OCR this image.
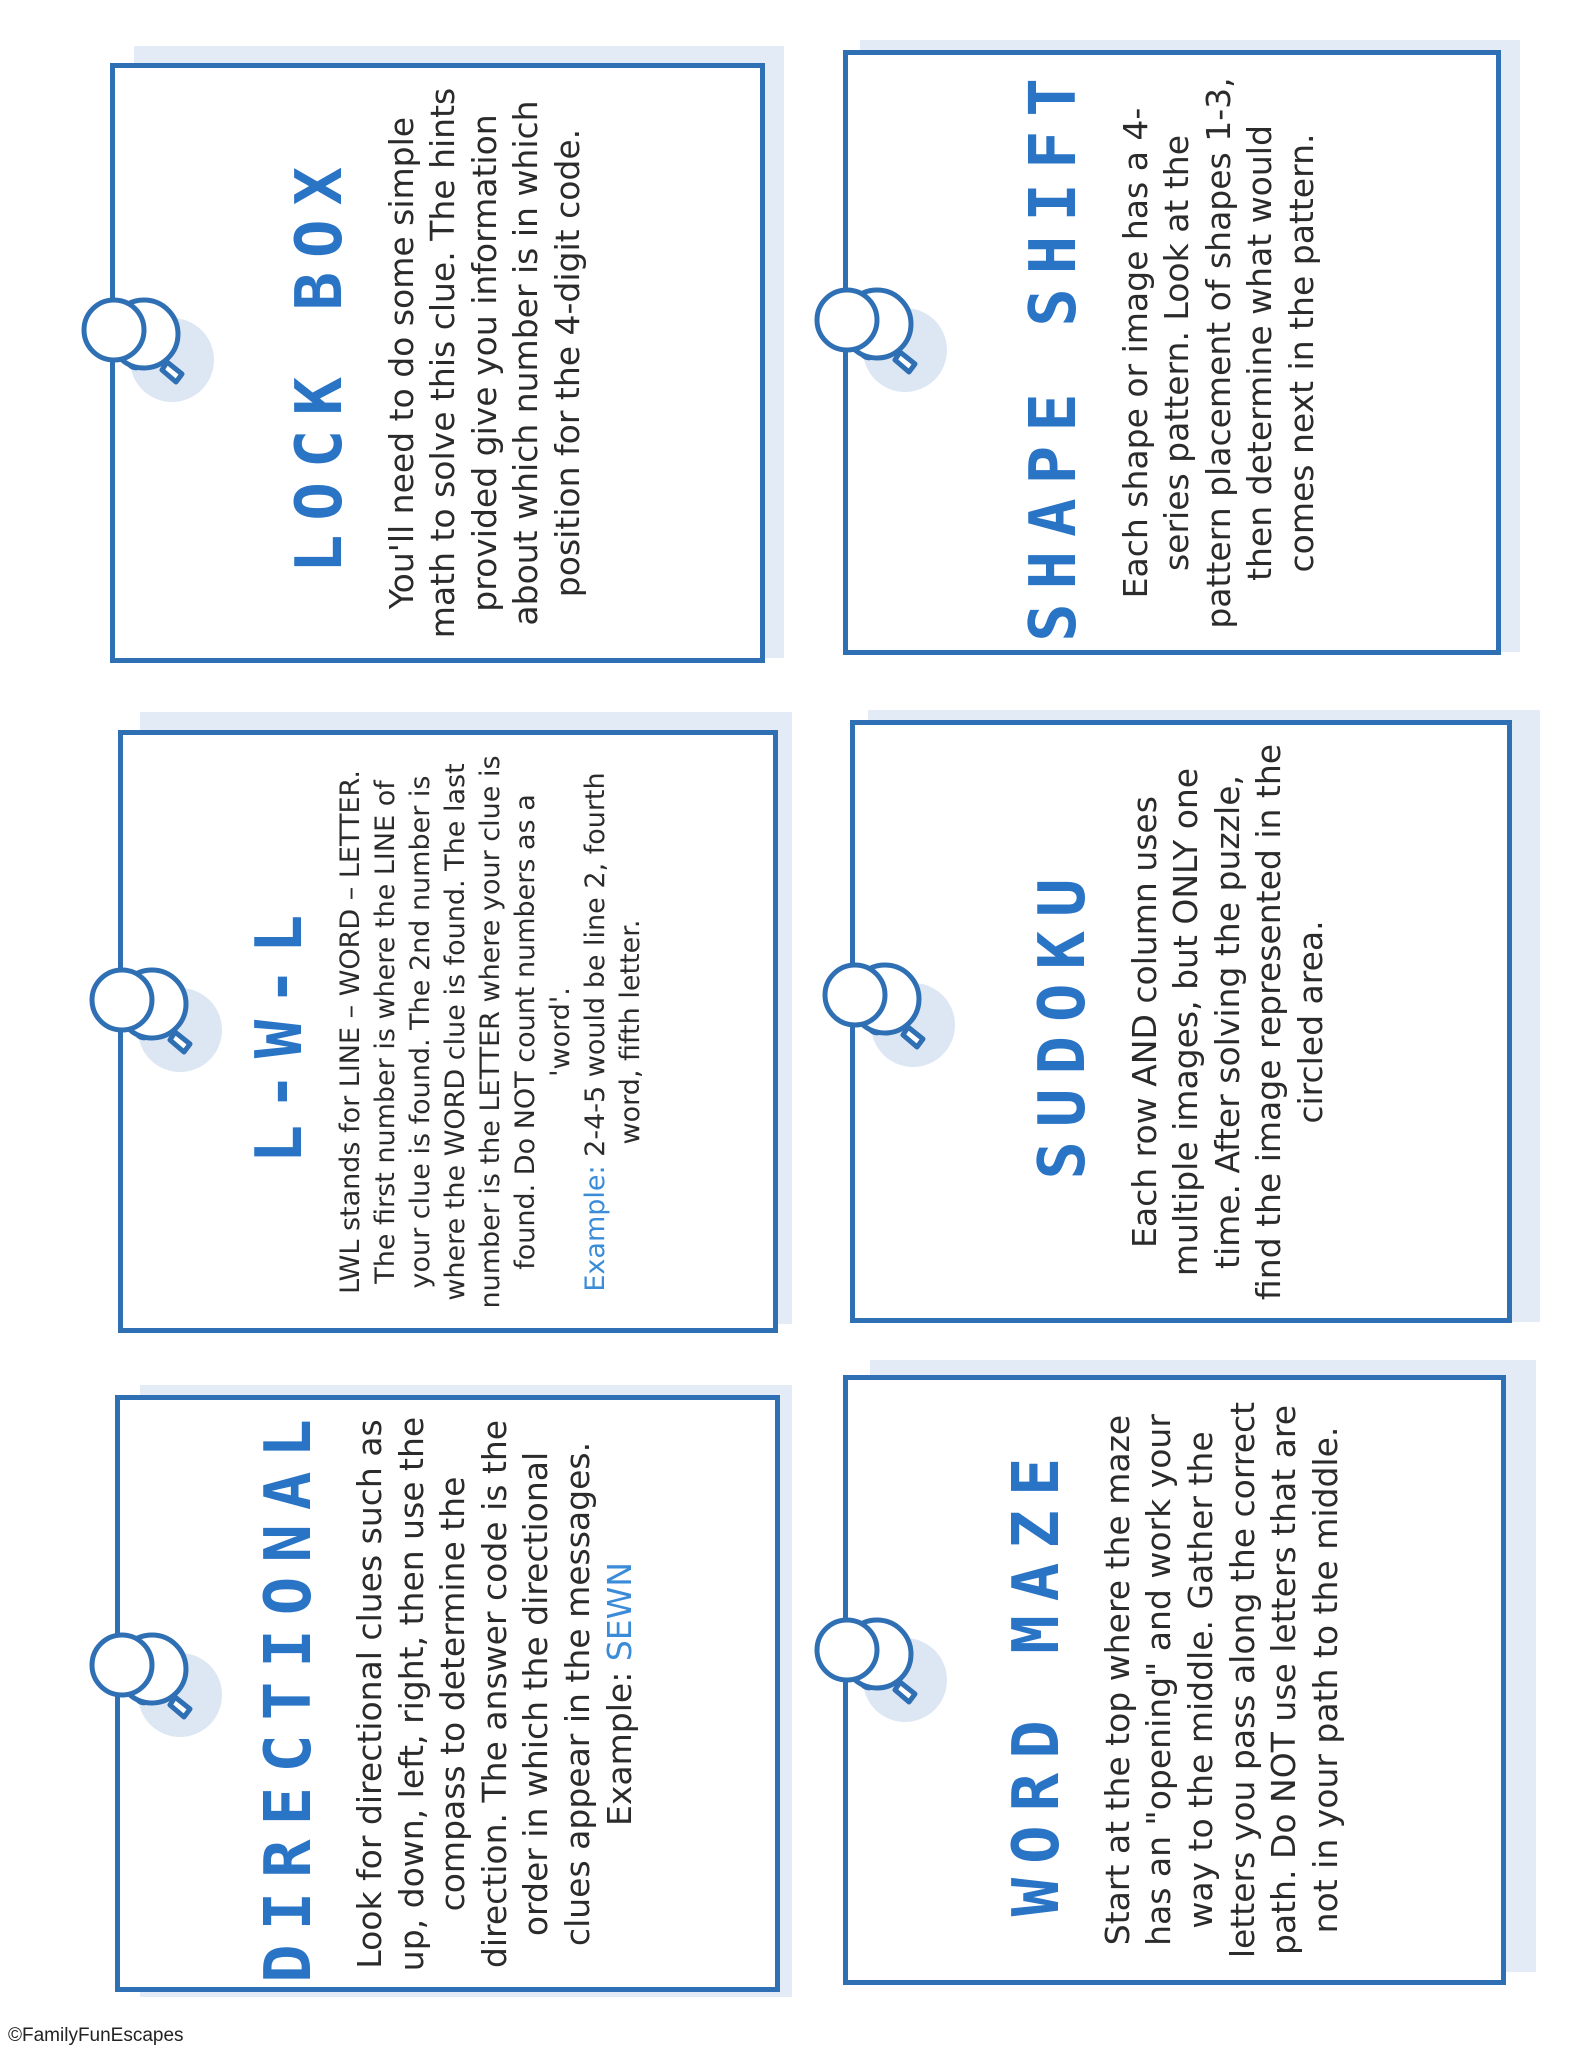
LOCK BOX You'll need to do some simple math to solve this clue. The hints provided give you information about which number is in which position for the 4-digit code.	SHAPE SHIFT Each shape or image has a 4-series pattern. Look at the pattern placement of shapes 1-3, then determine what would comes next in the pattern.
L-W-L LWL stands for LINE – WORD – LETTER. The first number is where the LINE of your clue is found. The 2nd number is where the WORD clue is found. The last number is the LETTER where your clue is found. Do NOT count numbers as a 'word'.
Example: 2-4-5 would be line 2, fourth word, fifth letter.	SUDOKU Each row AND column uses multiple images, but ONLY one time. After solving the puzzle, find the image represented in the circled area.
DIRECTIONAL Look for directional clues such as up, down, left, right, then use the compass to determine the direction. The answer code is the order in which the directional clues appear in the messages. Example: SEWN	WORD MAZE Start at the top where the maze has an "opening" and work your way to the middle. Gather the letters you pass along the correct path. Do NOT use letters that are not in your path to the middle.
©FamilyFunEscapes
